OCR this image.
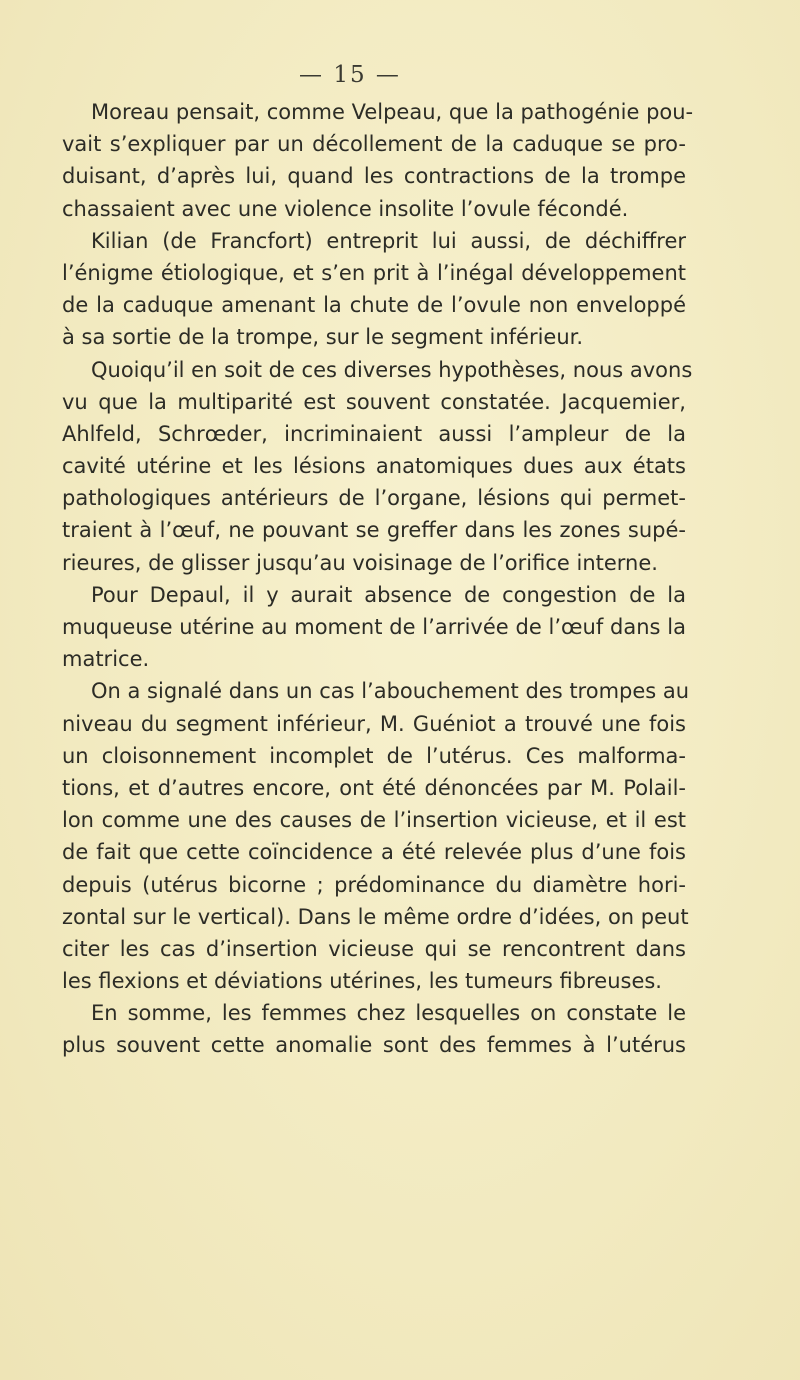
— 15 —
Moreau pensait, comme Velpeau, que la pathogénie pou-
vait s’expliquer par un décollement de la caduque se pro-
duisant, d’après lui, quand les contractions de la trompe
chassaient avec une violence insolite l’ovule fécondé.
Kilian (de Francfort) entreprit lui aussi, de déchiffrer
l’énigme étiologique, et s’en prit à l’inégal développement
de la caduque amenant la chute de l’ovule non enveloppé
à sa sortie de la trompe, sur le segment inférieur.
Quoiqu’il en soit de ces diverses hypothèses, nous avons
vu que la multiparité est souvent constatée. Jacquemier,
Ahlfeld, Schrœder, incriminaient aussi l’ampleur de la
cavité utérine et les lésions anatomiques dues aux états
pathologiques antérieurs de l’organe, lésions qui permet-
traient à l’œuf, ne pouvant se greffer dans les zones supé-
rieures, de glisser jusqu’au voisinage de l’orifice interne.
Pour Depaul, il y aurait absence de congestion de la
muqueuse utérine au moment de l’arrivée de l’œuf dans la
matrice.
On a signalé dans un cas l’abouchement des trompes au
niveau du segment inférieur, M. Guéniot a trouvé une fois
un cloisonnement incomplet de l’utérus. Ces malforma-
tions, et d’autres encore, ont été dénoncées par M. Polail-
lon comme une des causes de l’insertion vicieuse, et il est
de fait que cette coïncidence a été relevée plus d’une fois
depuis (utérus bicorne ; prédominance du diamètre hori-
zontal sur le vertical). Dans le même ordre d’idées, on peut
citer les cas d’insertion vicieuse qui se rencontrent dans
les flexions et déviations utérines, les tumeurs fibreuses.
En somme, les femmes chez lesquelles on constate le
plus souvent cette anomalie sont des femmes à l’utérus
